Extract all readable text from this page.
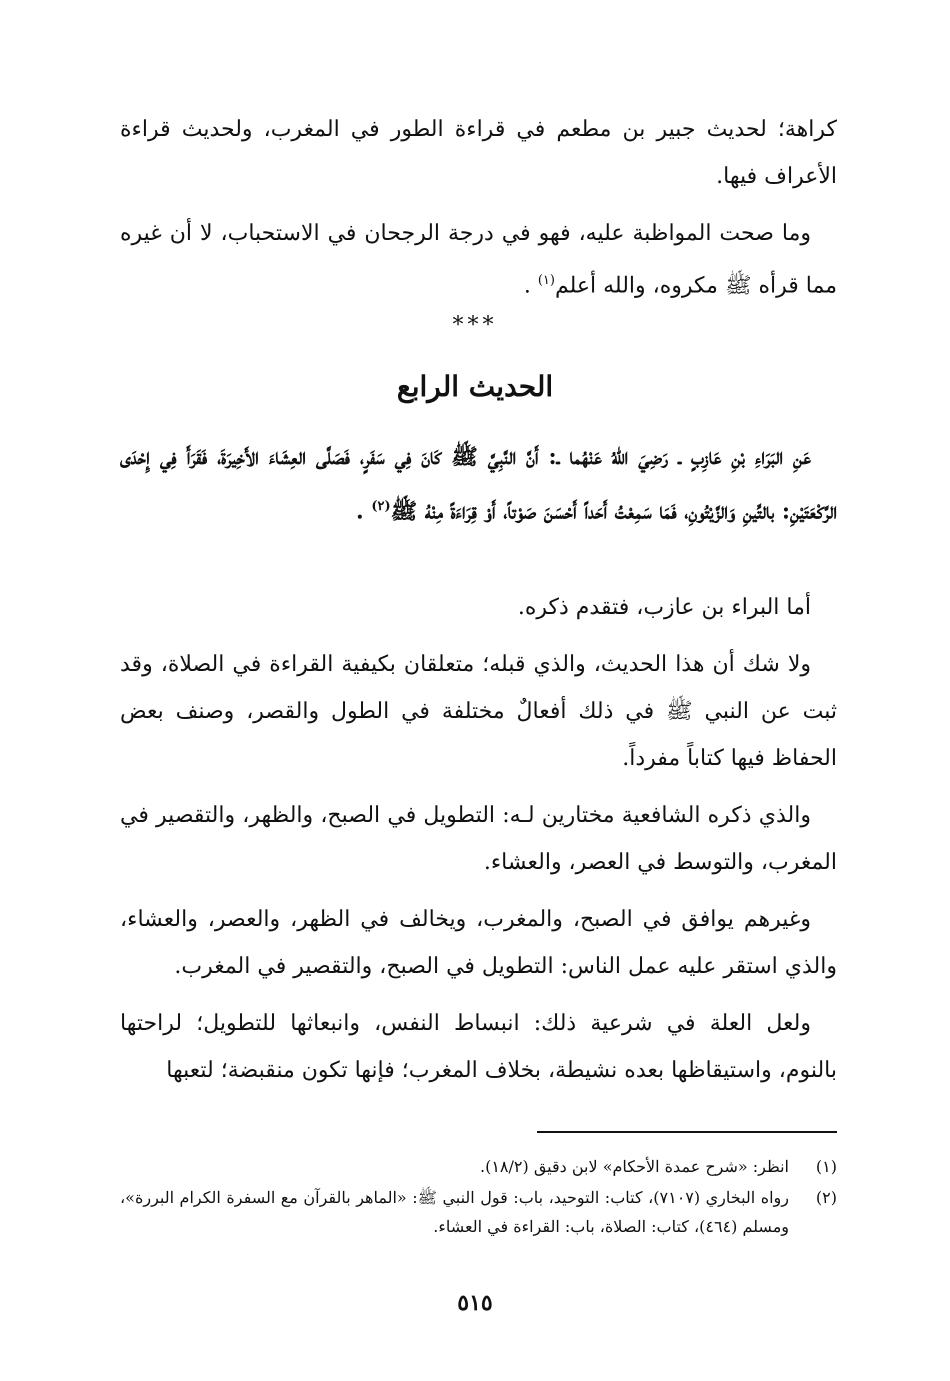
كراهة؛ لحديث جبير بن مطعم في قراءة الطور في المغرب، ولحديث قراءة الأعراف فيها.

وما صحت المواظبة عليه، فهو في درجة الرجحان في الاستحباب، لا أن غيره مما قرأه ﷺ مكروه، والله أعلم$^{(١)}$ .

***
الحديث الرابع
عَنِ البَرَاءِ بْنِ عَازِبٍ ـ رَضِيَ اللهُ عَنْهُما ـ: أَنَّ النَّبِيَّ ﷺ كَانَ فِي سَفَرٍ، فَصَلَّى العِشَاءَ الأَخِيرَةَ، فَقَرَأَ فِي إِحْدَى الرَّكْعَتَيْنِ: بالتِّينِ وَالزَّيْتُونِ، فَمَا سَمِعْتُ أَحَداً أَحْسَنَ صَوْتاً، أَوْ قِرَاءَةً مِنْهُ ﷺ$^{(٢)}$ .

أما البراء بن عازب، فتقدم ذكره.

ولا شك أن هذا الحديث، والذي قبله؛ متعلقان بكيفية القراءة في الصلاة، وقد ثبت عن النبي ﷺ في ذلك أفعالٌ مختلفة في الطول والقصر، وصنف بعض الحفاظ فيها كتاباً مفرداً.

والذي ذكره الشافعية مختارين لـه: التطويل في الصبح، والظهر، والتقصير في المغرب، والتوسط في العصر، والعشاء.

وغيرهم يوافق في الصبح، والمغرب، ويخالف في الظهر، والعصر، والعشاء، والذي استقر عليه عمل الناس: التطويل في الصبح، والتقصير في المغرب.

ولعل العلة في شرعية ذلك: انبساط النفس، وانبعاثها للتطويل؛ لراحتها بالنوم، واستيقاظها بعده نشيطة، بخلاف المغرب؛ فإنها تكون منقبضة؛ لتعبها

(١)
انظر: «شرح عمدة الأحكام» لابن دقيق (١٨/٢).
(٢)
رواه البخاري (٧١٠٧)، كتاب: التوحيد، باب: قول النبي ﷺ: «الماهر بالقرآن مع السفرة الكرام البررة»، ومسلم (٤٦٤)، كتاب: الصلاة، باب: القراءة في العشاء.
٥١٥
